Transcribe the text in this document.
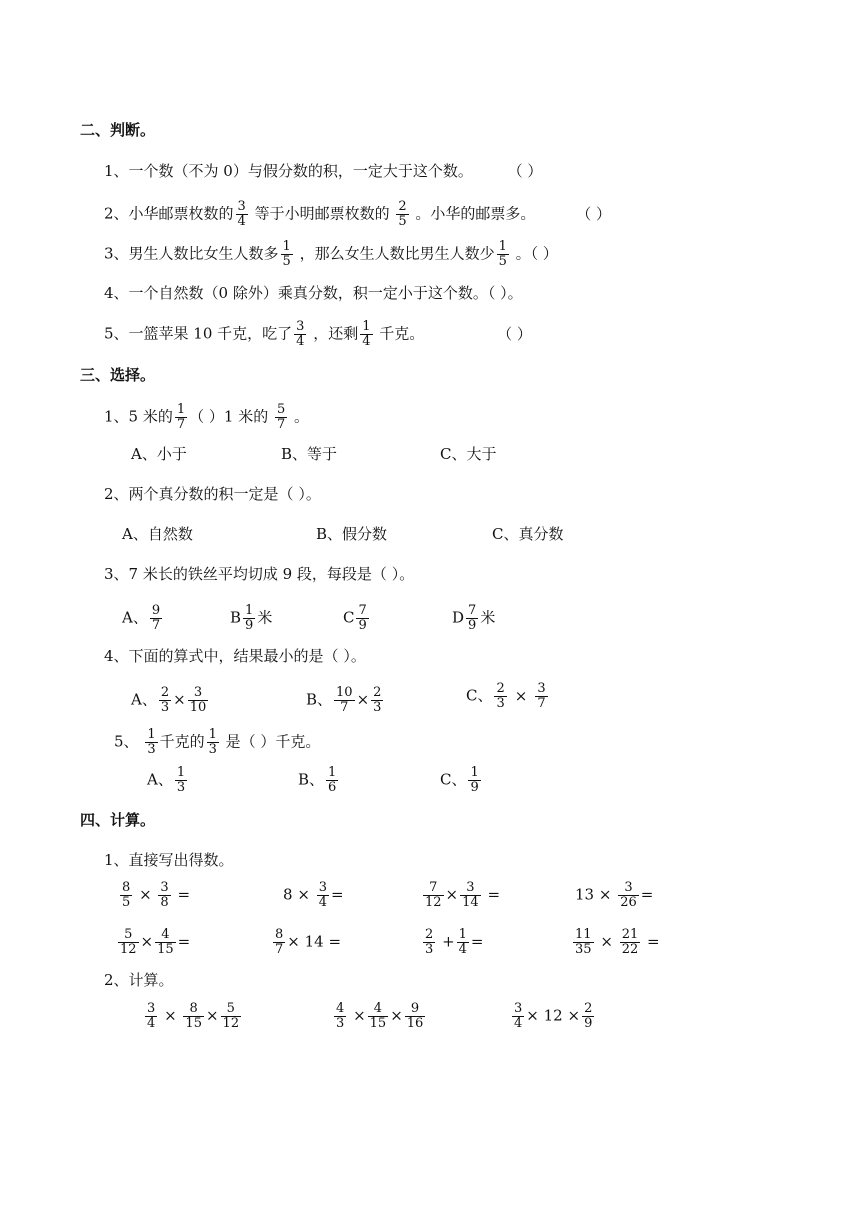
二、判断。
1、一个数（不为 0）与假分数的积，一定大于这个数。 （ ）
2、小华邮票枚数的 $\frac{3}{4}$ 等于小明邮票枚数的 $\frac{2}{5}$ 。小华的邮票多。	（ ）
3、男生人数比女生人数多 $\frac{1}{5}$ ，那么女生人数比男生人数少 $\frac{1}{5}$ 。（ ）
4、一个自然数（0 除外）乘真分数，积一定小于这个数。（ ）。
5、一篮苹果 10 千克，吃了 $\frac{3}{4}$ ，还剩 $\frac{1}{4}$ 千克。	（ ）
三、选择。
1、5 米的 $\frac{1}{7}$ （ ）1 米的 $\frac{5}{7}$ 。
A、小于	B、等于	C、大于
2、两个真分数的积一定是（ ）。
A、自然数	B、假分数	C、真分数
3、7 米长的铁丝平均切成 9 段，每段是（ ）。
A、 $\frac{9}{7}$	B $\frac{1}{9}$ 米	C $\frac{7}{9}$	D $\frac{7}{9}$ 米
4、下面的算式中，结果最小的是（ ）。
A、 $\frac{2}{3} \times \frac{3}{10}$	B、 $\frac{10}{7} \times \frac{2}{3}$	C、 $\frac{2}{3} \times \frac{3}{7}$
5、 $\frac{1}{3}$ 千克的 $\frac{1}{3}$ 是（ ）千克。
A、 $\frac{1}{3}$	B、 $\frac{1}{6}$	C、 $\frac{1}{9}$
四、计算。
1、直接写出得数。
$\frac{8}{5} \times \frac{3}{8}$ =	$8 \times \frac{3}{4}$ =	$\frac{7}{12} \times \frac{3}{14}$ =	$13 \times \frac{3}{26}$ =
$\frac{5}{12} \times \frac{4}{15}$ =	$\frac{8}{7} \times 14$ =	$\frac{2}{3} + \frac{1}{4}$ =	$\frac{11}{35} \times \frac{21}{22}$ =
2、计算。
$\frac{3}{4} \times \frac{8}{15} \times \frac{5}{12}$	$\frac{4}{3} \times \frac{4}{15} \times \frac{9}{16}$	$\frac{3}{4} \times 12 \times \frac{2}{9}$
